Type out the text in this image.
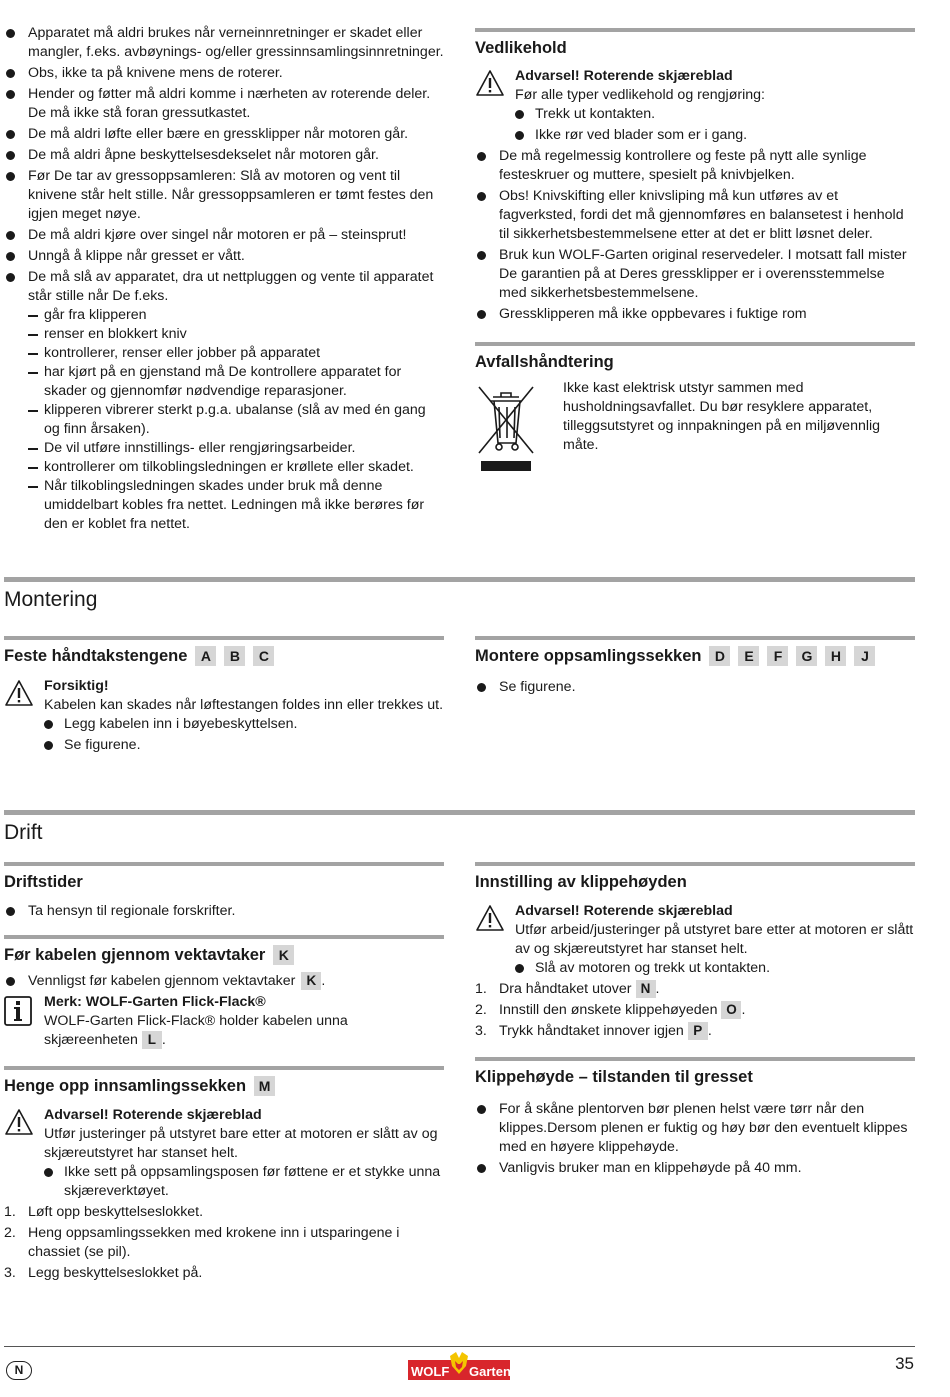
Apparatet må aldri brukes når verneinnretninger er skadet eller mangler, f.eks. avbøynings- og/eller gressinnsamlingsinnretninger.
Obs, ikke ta på knivene mens de roterer.
Hender og føtter må aldri komme i nærheten av roterende deler. De må ikke stå foran gressutkastet.
De må aldri løfte eller bære en gressklipper når motoren går.
De må aldri åpne beskyttelsesdekselet når motoren går.
Før De tar av gressoppsamleren: Slå av motoren og vent til knivene står helt stille. Når gressoppsamleren er tømt festes den igjen meget nøye.
De må aldri kjøre over singel når motoren er på – steinsprut!
Unngå å klippe når gresset er vått.
De må slå av apparatet, dra ut nettpluggen og vente til apparatet står stille når De f.eks.
går fra klipperen
renser en blokkert kniv
kontrollerer, renser eller jobber på apparatet
har kjørt på en gjenstand må De kontrollere apparatet for skader og gjennomfør nødvendige reparasjoner.
klipperen vibrerer sterkt p.g.a. ubalanse (slå av med én gang og finn årsaken).
De vil utføre innstillings- eller rengjøringsarbeider.
kontrollerer om tilkoblingsledningen er krøllete eller skadet.
Når tilkoblingsledningen skades under bruk må denne umiddelbart kobles fra nettet. Ledningen må ikke berøres før den er koblet fra nettet.
Vedlikehold
Advarsel! Roterende skjæreblad
Før alle typer vedlikehold og rengjøring:
Trekk ut kontakten.
Ikke rør ved blader som er i gang.
De må regelmessig kontrollere og feste på nytt alle synlige festeskruer og muttere, spesielt på knivbjelken.
Obs! Knivskifting eller knivsliping må kun utføres av et fagverksted, fordi det må gjennomføres en balansetest i henhold til sikkerhetsbestemmelsene etter at det er blitt løsnet deler.
Bruk kun WOLF-Garten original reservedeler. I motsatt fall mister De garantien på at Deres gressklipper er i overensstemmelse med sikkerhetsbestemmelsene.
Gressklipperen må ikke oppbevares i fuktige rom
Avfallshåndtering
Ikke kast elektrisk utstyr sammen med husholdningsavfallet. Du bør resyklere apparatet, tilleggsutstyret og innpakningen på en miljøvennlig måte.
Montering
Feste håndtakstengene A	B	C
Forsiktig!
Kabelen kan skades når løftestangen foldes inn eller trekkes ut.
Legg kabelen inn i bøyebeskyttelsen.
Se figurene.
Montere oppsamlingssekken D	E	F	G	H	J
Se figurene.
Drift
Driftstider
Ta hensyn til regionale forskrifter.
Før kabelen gjennom vektavtaker K
Vennligst før kabelen gjennom vektavtaker K .
Merk: WOLF-Garten Flick-Flack®
WOLF-Garten Flick-Flack® holder kabelen unna skjæreenheten L .
Henge opp innsamlingssekken M
Advarsel! Roterende skjæreblad
Utfør justeringer på utstyret bare etter at motoren er slått av og skjæreutstyret har stanset helt.
Ikke sett på oppsamlingsposen før føttene er et stykke unna skjæreverktøyet.
1. Løft opp beskyttelseslokket.
2. Heng oppsamlingssekken med krokene inn i utsparingene i chassiet (se pil).
3. Legg beskyttelseslokket på.
Innstilling av klippehøyden
Advarsel! Roterende skjæreblad
Utfør arbeid/justeringer på utstyret bare etter at motoren er slått av og skjæreutstyret har stanset helt.
Slå av motoren og trekk ut kontakten.
1. Dra håndtaket utover N .
2. Innstill den ønskete klippehøyeden O .
3. Trykk håndtaket innover igjen P .
Klippehøyde – tilstanden til gresset
For å skåne plentorven bør plenen helst være tørr når den klippes.Dersom plenen er fuktig og høy bør den eventuelt klippes med en høyere klippehøyde.
Vanligvis bruker man en klippehøyde på 40 mm.
N	WOLF Garten	35
